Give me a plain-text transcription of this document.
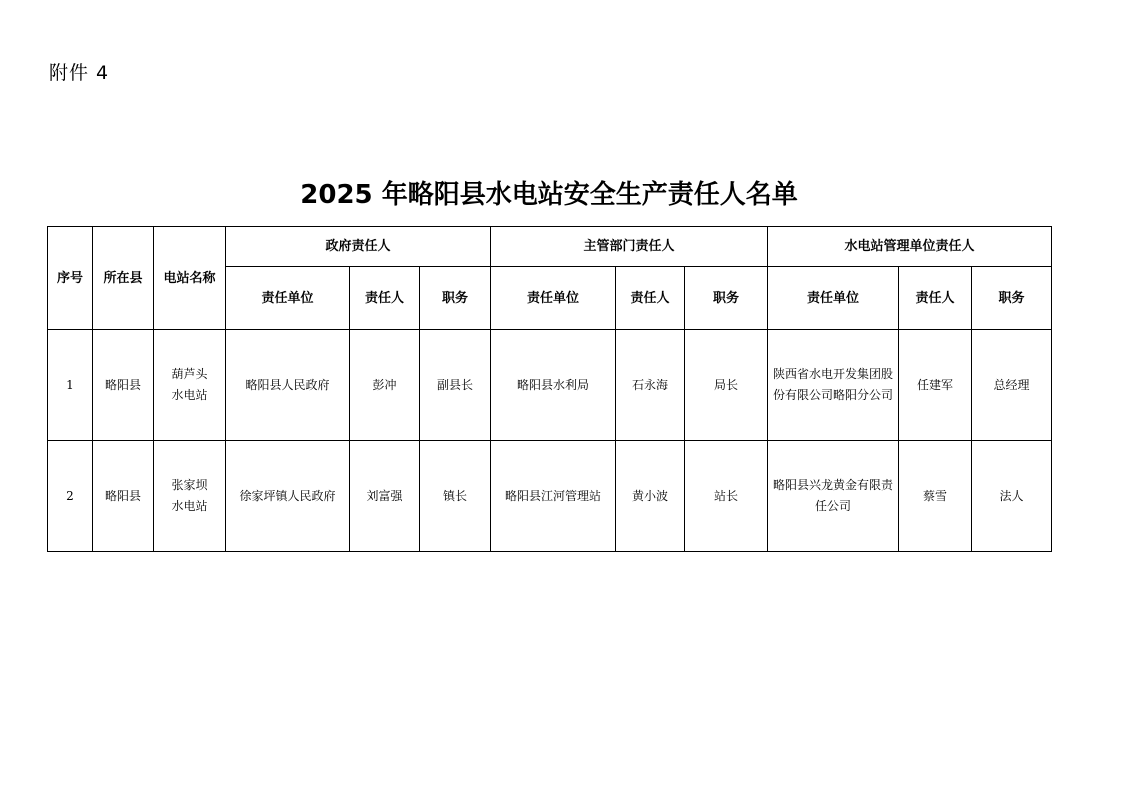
附件 4
2025 年略阳县水电站安全生产责任人名单
序号	所在县	电站名称	政府责任人			主管部门责任人			水电站管理单位责任人		
			责任单位	责任人	职务	责任单位	责任人	职务	责任单位	责任人	职务
1	略阳县	葫芦头水电站	略阳县人民政府	彭冲	副县长	略阳县水利局	石永海	局长	陕西省水电开发集团股份有限公司略阳分公司	任建军	总经理
2	略阳县	张家坝水电站	徐家坪镇人民政府	刘富强	镇长	略阳县江河管理站	黄小波	站长	略阳县兴龙黄金有限责任公司	蔡雪	法人
